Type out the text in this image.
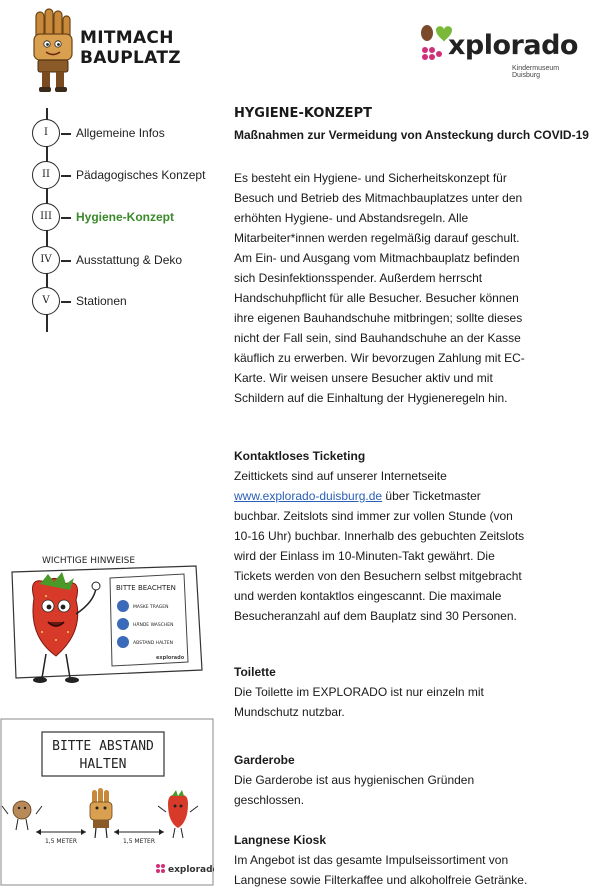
MITMACH
BAUPLATZ	xplorado
Kindermuseum Duisburg
I	Allgemeine Infos
II	Pädagogisches Konzept
III	Hygiene-Konzept
IV	Ausstattung & Deko
V	Stationen
WICHTIGE HINWEISE
BITTE BEACHTEN
MASKE TRAGEN
HÄNDE WASCHEN
ABSTAND HALTEN
explorado
BITTE ABSTAND
HALTEN
1,5 METER	1,5 METER
explorado
HYGIENE-KONZEPT
Maßnahmen zur Vermeidung von Ansteckung durch COVID-19

Es besteht ein Hygiene- und Sicherheitskonzept für

Besuch und Betrieb des Mitmachbauplatzes unter den

erhöhten Hygiene- und Abstandsregeln. Alle

Mitarbeiter*innen werden regelmäßig darauf geschult.

Am Ein- und Ausgang vom Mitmachbauplatz befinden

sich Desinfektionsspender. Außerdem herrscht

Handschuhpflicht für alle Besucher. Besucher können

ihre eigenen Bauhandschuhe mitbringen; sollte dieses

nicht der Fall sein, sind Bauhandschuhe an der Kasse

käuflich zu erwerben. Wir bevorzugen Zahlung mit EC-

Karte. Wir weisen unsere Besucher aktiv und mit

Schildern auf die Einhaltung der Hygieneregeln hin.

Kontaktloses Ticketing

Zeittickets sind auf unserer Internetseite

www.explorado-duisburg.de über Ticketmaster

buchbar. Zeitslots sind immer zur vollen Stunde (von

10-16 Uhr) buchbar. Innerhalb des gebuchten Zeitslots

wird der Einlass im 10-Minuten-Takt gewährt. Die

Tickets werden von den Besuchern selbst mitgebracht

und werden kontaktlos eingescannt. Die maximale

Besucheranzahl auf dem Bauplatz sind 30 Personen.

Toilette

Die Toilette im EXPLORADO ist nur einzeln mit

Mundschutz nutzbar.

Garderobe

Die Garderobe ist aus hygienischen Gründen

geschlossen.

Langnese Kiosk

Im Angebot ist das gesamte Impulseissortiment von

Langnese sowie Filterkaffee und alkoholfreie Getränke.
